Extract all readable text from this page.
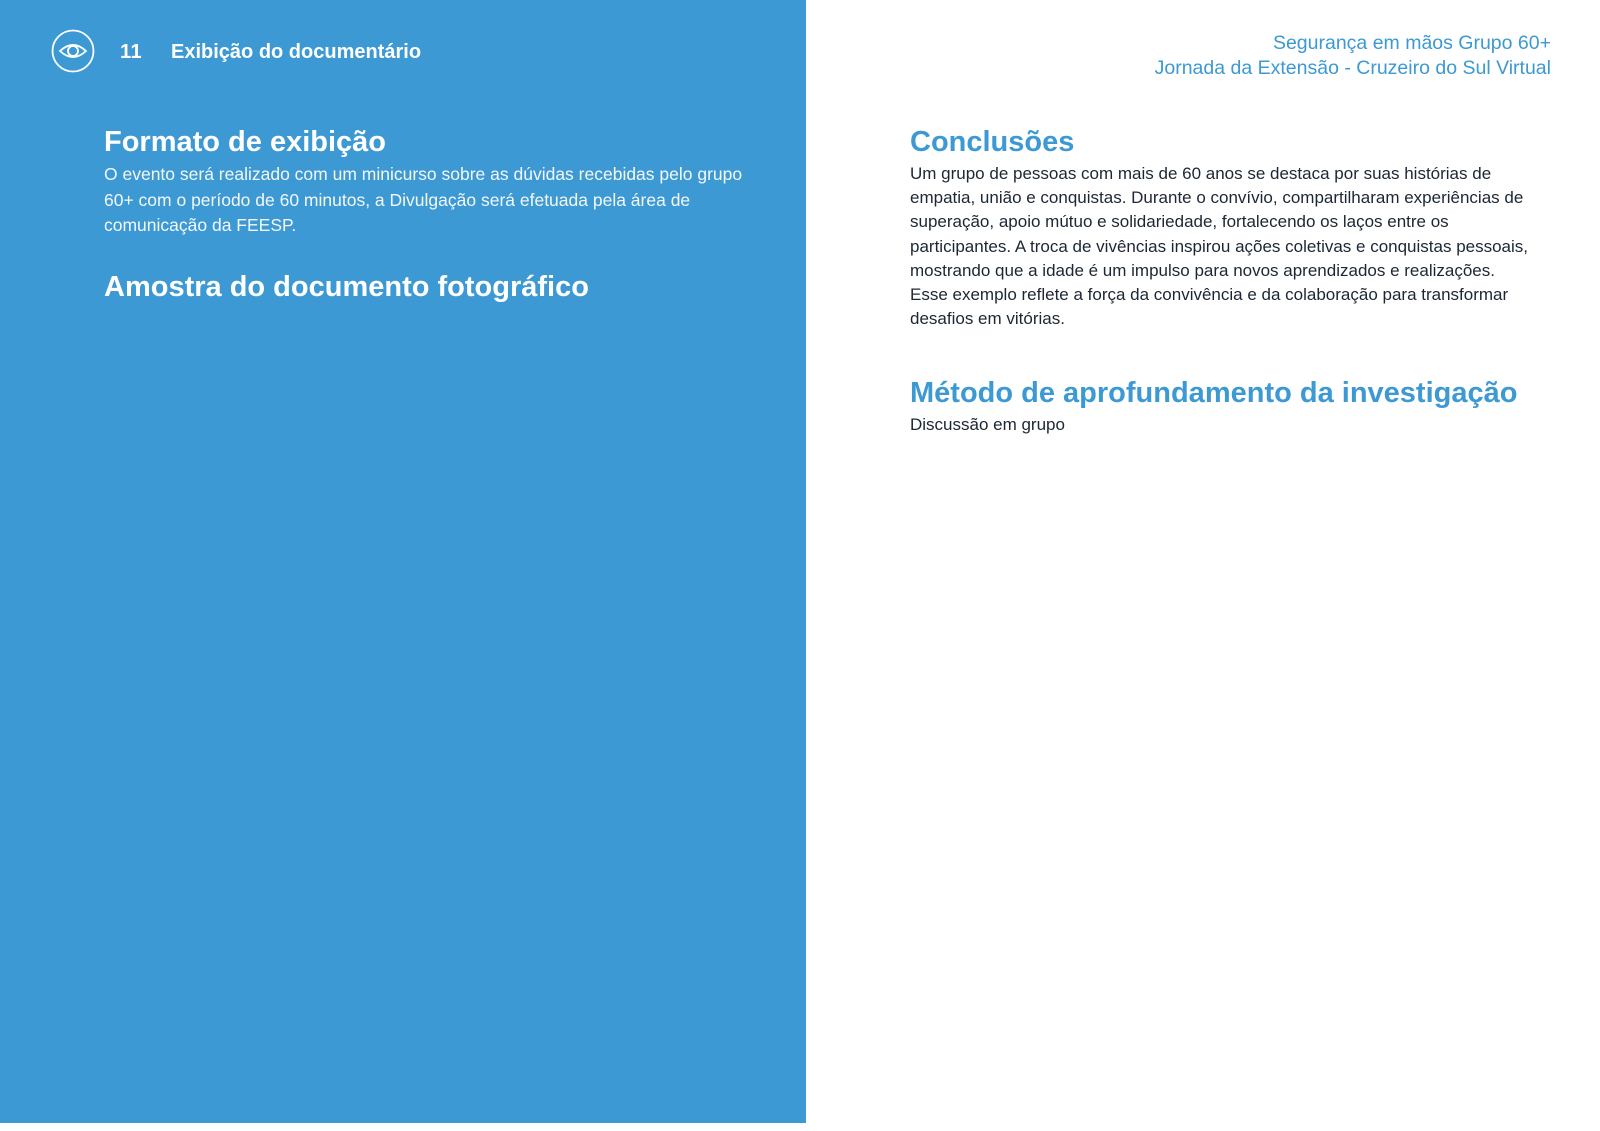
11 Exibição do documentário
Formato de exibição

O evento será realizado com um minicurso sobre as dúvidas recebidas pelo grupo 60+ com o período de 60 minutos, a Divulgação será efetuada pela área de comunicação da FEESP.

Amostra do documento fotográfico
Segurança em mãos Grupo 60+
Jornada da Extensão - Cruzeiro do Sul Virtual
Conclusões

Um grupo de pessoas com mais de 60 anos se destaca por suas histórias de empatia, união e conquistas. Durante o convívio, compartilharam experiências de superação, apoio mútuo e solidariedade, fortalecendo os laços entre os participantes. A troca de vivências inspirou ações coletivas e conquistas pessoais, mostrando que a idade é um impulso para novos aprendizados e realizações. Esse exemplo reflete a força da convivência e da colaboração para transformar desafios em vitórias.

Método de aprofundamento da investigação

Discussão em grupo
